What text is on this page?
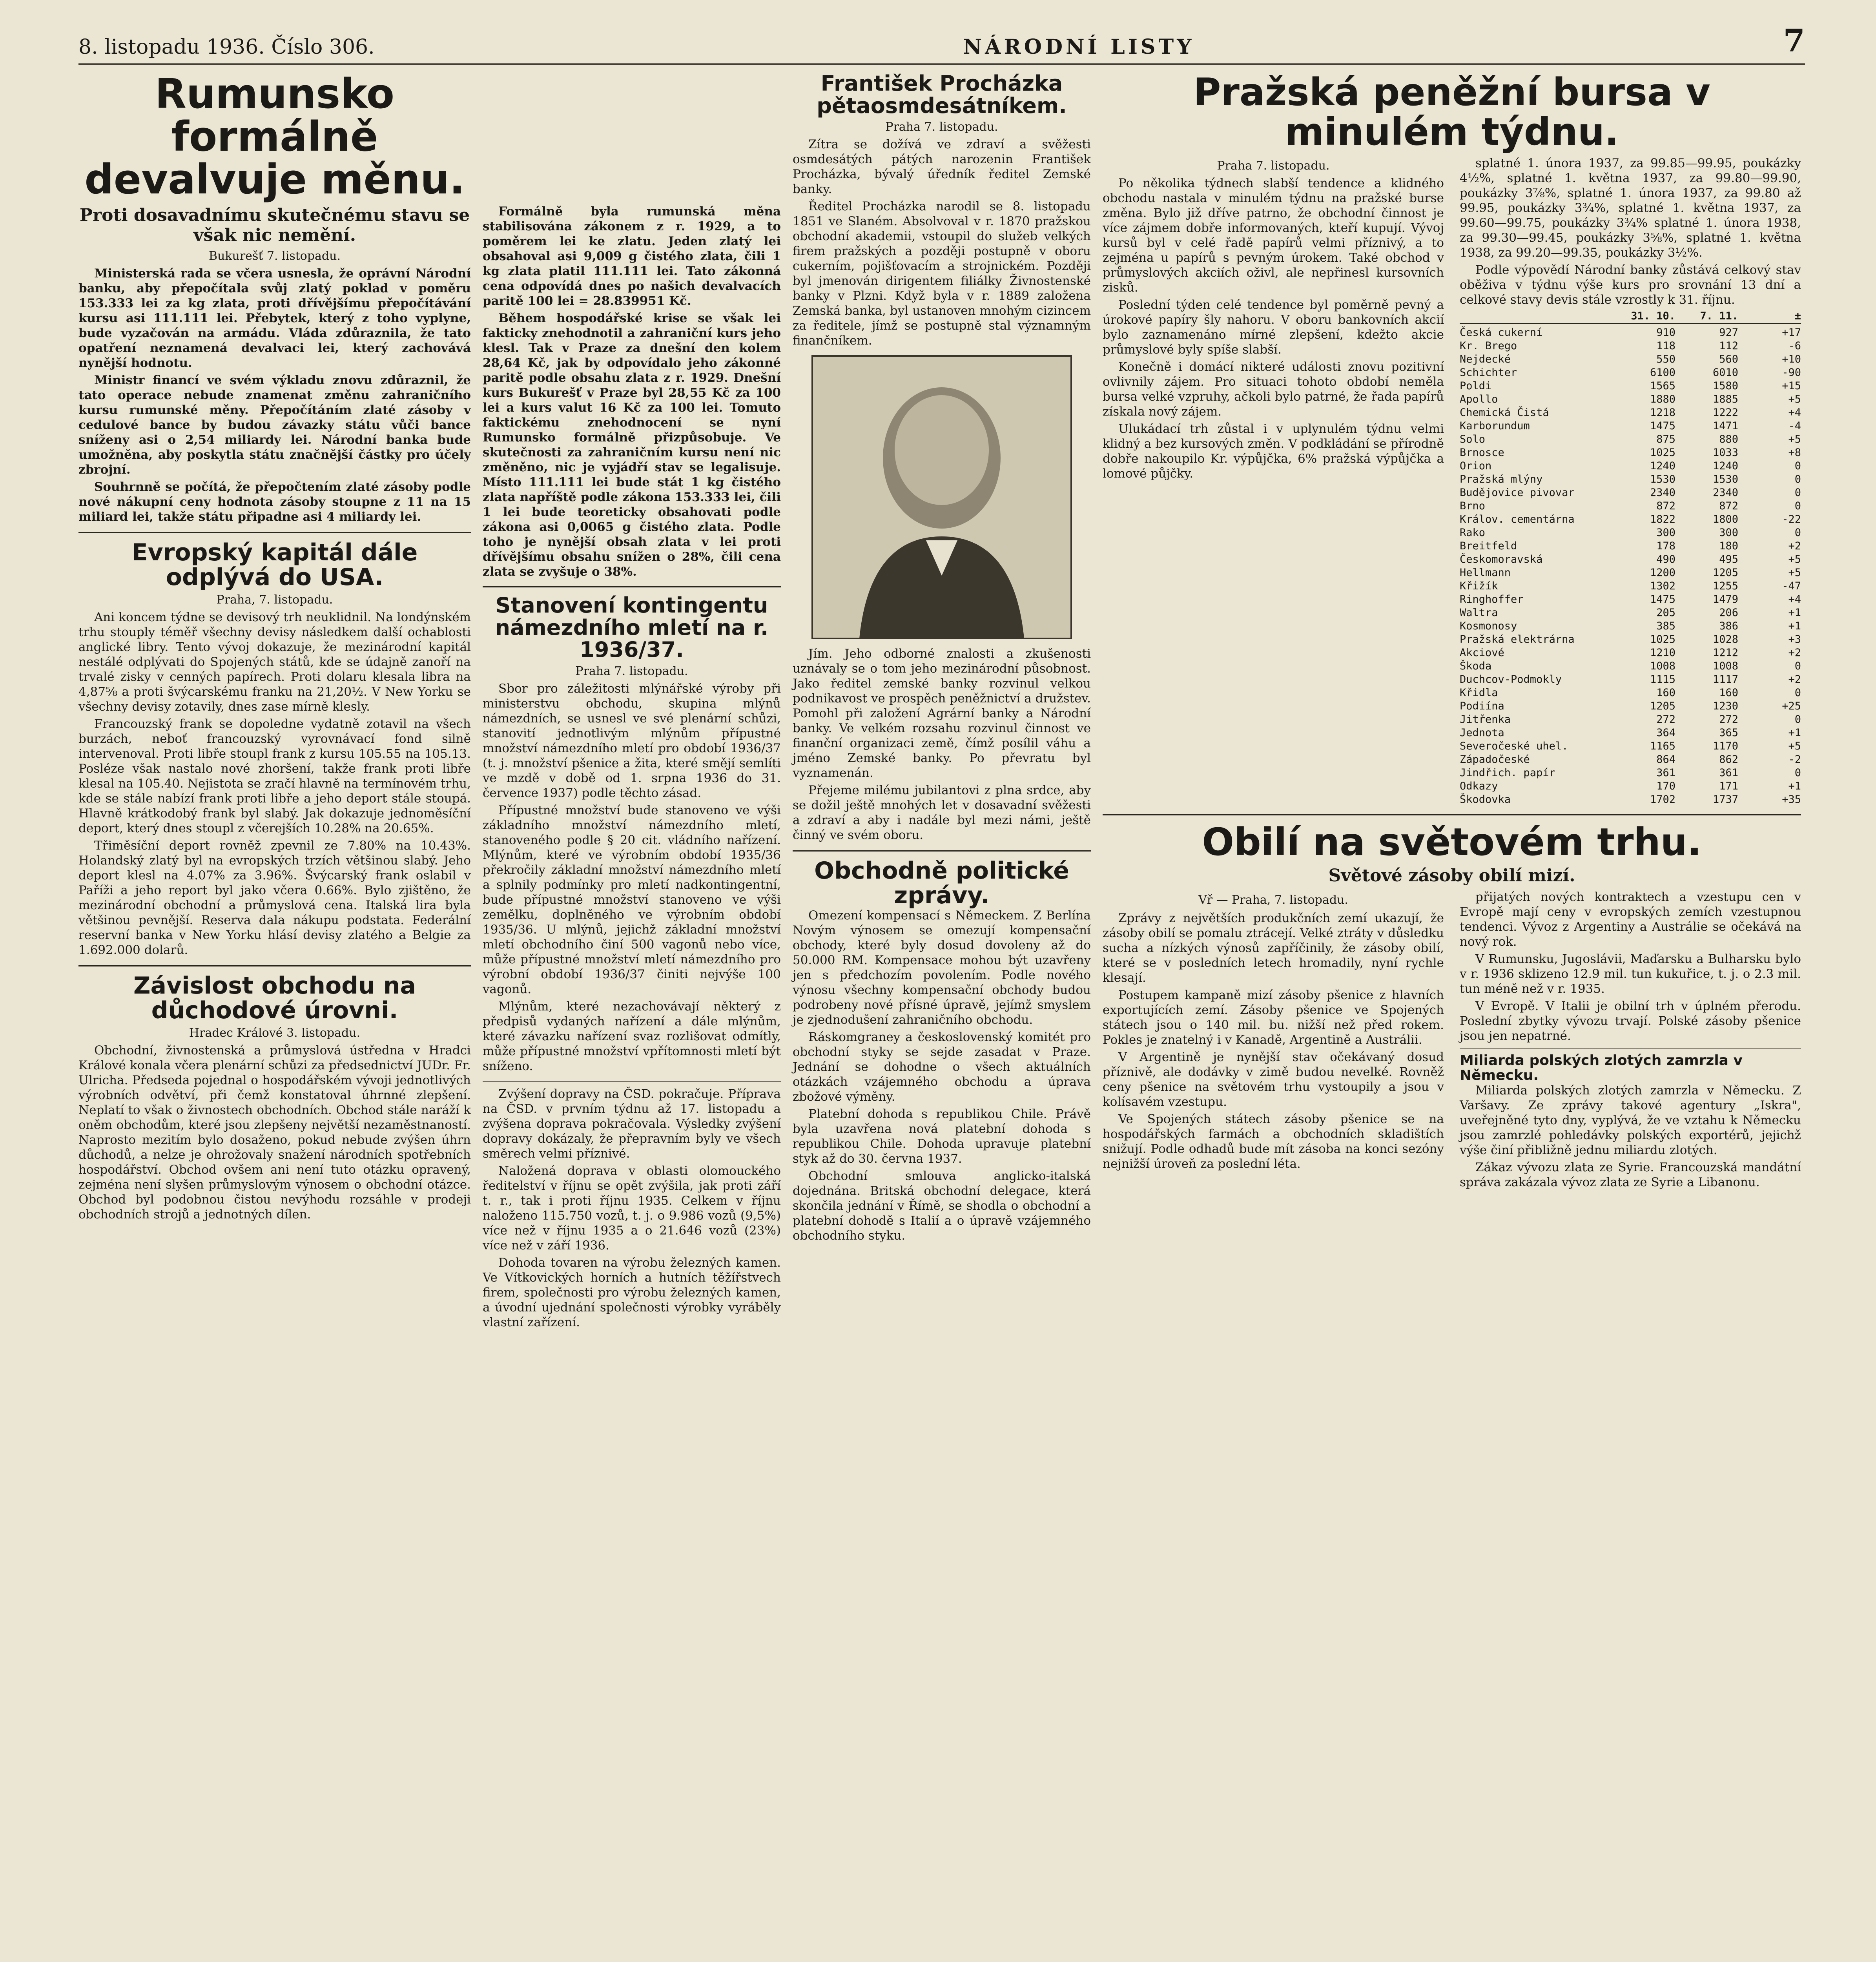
8. listopadu 1936. Číslo 306.	NÁRODNÍ LISTY	7
Rumunsko formálně devalvuje měnu.
Proti dosavadnímu skutečnému stavu se však nic nemění.
Bukurešť 7. listopadu.

Ministerská rada se včera usnesla, že oprávní Národní banku, aby přepočítala svůj zlatý poklad v poměru 153.333 lei za kg zlata, proti dřívějšímu přepočítávání kursu asi 111.111 lei. Přebytek, který z toho vyplyne, bude vyzačován na armádu. Vláda zdůraznila, že tato opatření neznamená devalvaci lei, který zachovává nynější hodnotu.

Ministr financí ve svém výkladu znovu zdůraznil, že tato operace nebude znamenat změnu zahraničního kursu rumunské měny. Přepočítáním zlaté zásoby v cedulové bance by budou závazky státu vůči bance sníženy asi o 2,54 miliardy lei. Národní banka bude umožněna, aby poskytla státu značnější částky pro účely zbrojní.

Souhrnně se počítá, že přepočtením zlaté zásoby podle nové nákupní ceny hodnota zásoby stoupne z 11 na 15 miliard lei, takže státu připadne asi 4 miliardy lei.

Evropský kapitál dále odplývá do USA.
Praha, 7. listopadu.

Ani koncem týdne se devisový trh neuklidnil. Na londýnském trhu stouply téměř všechny devisy následkem další ochablosti anglické libry. Tento vývoj dokazuje, že mezinárodní kapitál nestálé odplývati do Spojených států, kde se údajně zanoří na trvalé zisky v cenných papírech. Proti dolaru klesala libra na 4,87⅝ a proti švýcarskému franku na 21,20½. V New Yorku se všechny devisy zotavily, dnes zase mírně klesly.

Francouzský frank se dopoledne vydatně zotavil na všech burzách, neboť francouzský vyrovnávací fond silně intervenoval. Proti libře stoupl frank z kursu 105.55 na 105.13. Posléze však nastalo nové zhoršení, takže frank proti libře klesal na 105.40. Nejistota se zračí hlavně na termínovém trhu, kde se stále nabízí frank proti libře a jeho deport stále stoupá. Hlavně krátkodobý frank byl slabý. Jak dokazuje jednoměsíční deport, který dnes stoupl z včerejších 10.28% na 20.65%.

Třiměsíční deport rovněž zpevnil ze 7.80% na 10.43%. Holandský zlatý byl na evropských trzích většinou slabý. Jeho deport klesl na 4.07% za 3.96%. Švýcarský frank oslabil v Paříži a jeho report byl jako včera 0.66%. Bylo zjištěno, že mezinárodní obchodní a průmyslová cena. Italská lira byla většinou pevnější. Reserva dala nákupu podstata. Federální reservní banka v New Yorku hlásí devisy zlatého a Belgie za 1.692.000 dolarů.

Závislost obchodu na důchodové úrovni.
Hradec Králové 3. listopadu.

Obchodní, živnostenská a průmyslová ústředna v Hradci Králové konala včera plenární schůzi za předsednictví JUDr. Fr. Ulricha. Předseda pojednal o hospodářském vývoji jednotlivých výrobních odvětví, při čemž konstatoval úhrnné zlepšení. Neplatí to však o živnostech obchodních. Obchod stále naráží k oněm obchodům, které jsou zlepšeny největší nezaměstnaností. Naprosto mezitím bylo dosaženo, pokud nebude zvýšen úhrn důchodů, a nelze je ohrožovaly snažení národních spotřebních hospodářství. Obchod ovšem ani není tuto otázku opravený, zejména není slyšen průmyslovým výnosem o obchodní otázce. Obchod byl podobnou čistou nevýhodu rozsáhle v prodeji obchodních strojů a jednotných dílen.

Formálně byla rumunská měna stabilisována zákonem z r. 1929, a to poměrem lei ke zlatu. Jeden zlatý lei obsahoval asi 9,009 g čistého zlata, čili 1 kg zlata platil 111.111 lei. Tato zákonná cena odpovídá dnes po našich devalvacích paritě 100 lei = 28.839951 Kč.

Během hospodářské krise se však lei fakticky znehodnotil a zahraniční kurs jeho klesl. Tak v Praze za dnešní den kolem 28,64 Kč, jak by odpovídalo jeho zákonné paritě podle obsahu zlata z r. 1929. Dnešní kurs Bukurešť v Praze byl 28,55 Kč za 100 lei a kurs valut 16 Kč za 100 lei. Tomuto faktickému znehodnocení se nyní Rumunsko formálně přizpůsobuje. Ve skutečnosti za zahraničním kursu není nic změněno, nic je vyjádří stav se legalisuje. Místo 111.111 lei bude stát 1 kg čistého zlata napříště podle zákona 153.333 lei, čili 1 lei bude teoreticky obsahovati podle zákona asi 0,0065 g čistého zlata. Podle toho je nynější obsah zlata v lei proti dřívějšímu obsahu snížen o 28%, čili cena zlata se zvyšuje o 38%.

Stanovení kontingentu námezdního mletí na r. 1936/37.
Praha 7. listopadu.

Sbor pro záležitosti mlýnářské výroby při ministerstvu obchodu, skupina mlýnů námezdních, se usnesl ve své plenární schůzi, stanovití jednotlivým mlýnům přípustné množství námezdního mletí pro období 1936/37 (t. j. množství pšenice a žita, které smějí semlíti ve mzdě v době od 1. srpna 1936 do 31. července 1937) podle těchto zásad.

Přípustné množství bude stanoveno ve výši základního množství námezdního mletí, stanoveného podle § 20 cit. vládního nařízení. Mlýnům, které ve výrobním období 1935/36 překročily základní množství námezdního mletí a splnily podmínky pro mletí nadkontingentní, bude přípustné množství stanoveno ve výši zemělku, doplněného ve výrobním období 1935/36. U mlýnů, jejichž základní množství mletí obchodního činí 500 vagonů nebo více, může přípustné množství mletí námezdního pro výrobní období 1936/37 činiti nejvýše 100 vagonů.

Mlýnům, které nezachovávají některý z předpisů vydaných nařízení a dále mlýnům, které závazku nařízení svaz rozlišovat odmítly, může přípustné množství vpřítomnosti mletí být sníženo.

Zvýšení dopravy na ČSD. pokračuje. Příprava na ČSD. v prvním týdnu až 17. listopadu a zvýšena doprava pokračovala. Výsledky zvýšení dopravy dokázaly, že přepravním byly ve všech směrech velmi příznivé.

Naložená doprava v oblasti olomouckého ředitelství v říjnu se opět zvýšila, jak proti září t. r., tak i proti říjnu 1935. Celkem v říjnu naloženo 115.750 vozů, t. j. o 9.986 vozů (9,5%) více než v říjnu 1935 a o 21.646 vozů (23%) více než v září 1936.

Dohoda tovaren na výrobu železných kamen. Ve Vítkovických horních a hutních těžířstvech firem, společnosti pro výrobu železných kamen, a úvodní ujednání společnosti výrobky vyráběly vlastní zařízení.

František Procházka pětaosmdesátníkem.
Praha 7. listopadu.

Zítra se dožívá ve zdraví a svěžesti osmdesátých pátých narozenin František Procházka, bývalý úředník ředitel Zemské banky.

Ředitel Procházka narodil se 8. listopadu 1851 ve Slaném. Absolvoval v r. 1870 pražskou obchodní akademii, vstoupil do služeb velkých firem pražských a později postupně v oboru cukerním, pojišťovacím a strojnickém. Později byl jmenován dirigentem filiálky Živnostenské banky v Plzni. Když byla v r. 1889 založena Zemská banka, byl ustanoven mnohým cizincem za ředitele, jímž se postupně stal významným finančníkem.

Jím. Jeho odborné znalosti a zkušenosti uznávaly se o tom jeho mezinárodní působnost. Jako ředitel zemské banky rozvinul velkou podnikavost ve prospěch peněžnictví a družstev. Pomohl při založení Agrární banky a Národní banky. Ve velkém rozsahu rozvinul činnost ve finanční organizaci země, čímž posílil váhu a jméno Zemské banky. Po převratu byl vyznamenán.

Přejeme milému jubilantovi z plna srdce, aby se dožil ještě mnohých let v dosavadní svěžesti a zdraví a aby i nadále byl mezi námi, ještě činný ve svém oboru.

Obchodně politické zprávy.

Omezení kompensací s Německem. Z Berlína Novým výnosem se omezují kompensační obchody, které byly dosud dovoleny až do 50.000 RM. Kompensace mohou být uzavřeny jen s předchozím povolením. Podle nového výnosu všechny kompensační obchody budou podrobeny nové přísné úpravě, jejímž smyslem je zjednodušení zahraničního obchodu.

Ráskomgraney a československý komitét pro obchodní styky se sejde zasadat v Praze. Jednání se dohodne o všech aktuálních otázkách vzájemného obchodu a úprava zbožové výměny.

Platební dohoda s republikou Chile. Právě byla uzavřena nová platební dohoda s republikou Chile. Dohoda upravuje platební styk až do 30. června 1937.

Obchodní smlouva anglicko-italská dojednána. Britská obchodní delegace, která skončila jednání v Římě, se shodla o obchodní a platební dohodě s Italií a o úpravě vzájemného obchodního styku.

Pražská peněžní bursa v minulém týdnu.
Praha 7. listopadu.

Po několika týdnech slabší tendence a klidného obchodu nastala v minulém týdnu na pražské burse změna. Bylo již dříve patrno, že obchodní činnost je více zájmem dobře informovaných, kteří kupují. Vývoj kursů byl v celé řadě papírů velmi příznivý, a to zejména u papírů s pevným úrokem. Také obchod v průmyslových akciích oživl, ale nepřinesl kursovních zisků.

Poslední týden celé tendence byl poměrně pevný a úrokové papíry šly nahoru. V oboru bankovních akcií bylo zaznamenáno mírné zlepšení, kdežto akcie průmyslové byly spíše slabší.

Konečně i domácí nikteré události znovu pozitivní ovlivnily zájem. Pro situaci tohoto období neměla bursa velké vzpruhy, ačkoli bylo patrné, že řada papírů získala nový zájem.

Ulukádací trh zůstal i v uplynulém týdnu velmi klidný a bez kursových změn. V podkládání se přírodně dobře nakoupilo Kr. výpůjčka, 6% pražská výpůjčka a lomové půjčky.

splatné 1. února 1937, za 99.85—99.95, poukázky 4½%, splatné 1. května 1937, za 99.80—99.90, poukázky 3⅞%, splatné 1. února 1937, za 99.80 až 99.95, poukázky 3¾%, splatné 1. května 1937, za 99.60—99.75, poukázky 3¾% splatné 1. února 1938, za 99.30—99.45, poukázky 3⅝%, splatné 1. května 1938, za 99.20—99.35, poukázky 3½%.

Podle výpovědí Národní banky zůstává celkový stav oběživa v týdnu výše kurs pro srovnání 13 dní a celkové stavy devis stále vzrostly k 31. říjnu.

31. 10.	7. 11.	±
Česká cukerní	910	927	+17
Kr. Brego	118	112	-6
Nejdecké	550	560	+10
Schichter	6100	6010	-90
Poldi	1565	1580	+15
Apollo	1880	1885	+5
Chemická Čistá	1218	1222	+4
Karborundum	1475	1471	-4
Solo	875	880	+5
Brnosce	1025	1033	+8
Orion	1240	1240	0
Pražská mlýny	1530	1530	0
Budějovice pivovar	2340	2340	0
Brno	872	872	0
Králov. cementárna	1822	1800	-22
Rako	300	300	0
Breitfeld	178	180	+2
Českomoravská	490	495	+5
Hellmann	1200	1205	+5
Křižík	1302	1255	-47
Ringhoffer	1475	1479	+4
Waltra	205	206	+1
Kosmonosy	385	386	+1
Pražská elektrárna	1025	1028	+3
Akciové	1210	1212	+2
Škoda	1008	1008	0
Duchcov-Podmokly	1115	1117	+2
Křidla	160	160	0
Podiína	1205	1230	+25
Jitřenka	272	272	0
Jednota	364	365	+1
Severočeské uhel.	1165	1170	+5
Západočeské	864	862	-2
Jindřich. papír	361	361	0
Odkazy	170	171	+1
Škodovka	1702	1737	+35
Obilí na světovém trhu.
Světové zásoby obilí mizí.
Vř — Praha, 7. listopadu.

Zprávy z největších produkčních zemí ukazují, že zásoby obilí se pomalu ztrácejí. Velké ztráty v důsledku sucha a nízkých výnosů zapříčinily, že zásoby obilí, které se v posledních letech hromadily, nyní rychle klesají.

Postupem kampaně mizí zásoby pšenice z hlavních exportujících zemí. Zásoby pšenice ve Spojených státech jsou o 140 mil. bu. nižší než před rokem. Pokles je znatelný i v Kanadě, Argentině a Austrálii.

V Argentině je nynější stav očekávaný dosud příznivě, ale dodávky v zimě budou nevelké. Rovněž ceny pšenice na světovém trhu vystoupily a jsou v kolísavém vzestupu.

Ve Spojených státech zásoby pšenice se na hospodářských farmách a obchodních skladištích snižují. Podle odhadů bude mít zásoba na konci sezóny nejnižší úroveň za poslední léta.

přijatých nových kontraktech a vzestupu cen v Evropě mají ceny v evropských zemích vzestupnou tendenci. Vývoz z Argentiny a Austrálie se očekává na nový rok.

V Rumunsku, Jugoslávii, Maďarsku a Bulharsku bylo v r. 1936 sklizeno 12.9 mil. tun kukuřice, t. j. o 2.3 mil. tun méně než v r. 1935.

V Evropě. V Italii je obilní trh v úplném přerodu. Poslední zbytky vývozu trvají. Polské zásoby pšenice jsou jen nepatrné.

Miliarda polských zlotých zamrzla v Německu.

Miliarda polských zlotých zamrzla v Německu. Z Varšavy. Ze zprávy takové agentury „Iskra", uveřejněné tyto dny, vyplývá, že ve vztahu k Německu jsou zamrzlé pohledávky polských exportérů, jejichž výše činí přibližně jednu miliardu zlotých.

Zákaz vývozu zlata ze Syrie. Francouzská mandátní správa zakázala vývoz zlata ze Syrie a Libanonu.
